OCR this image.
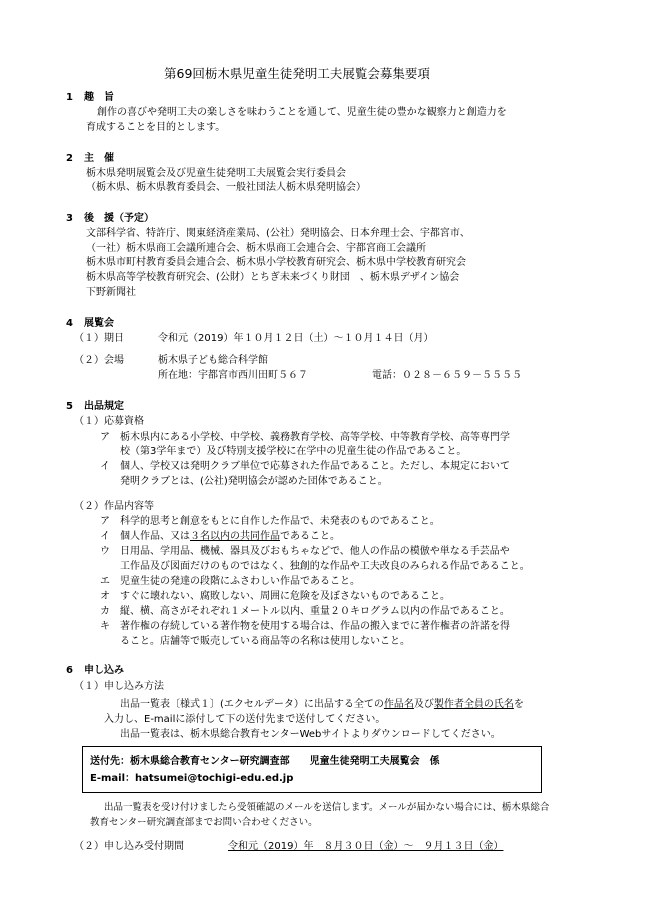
第69回栃木県児童生徒発明工夫展覧会募集要項
1 趣　旨
創作の喜びや発明工夫の楽しさを味わうことを通して、児童生徒の豊かな観察力と創造力を
育成することを目的とします。
2 主　催
栃木県発明展覧会及び児童生徒発明工夫展覧会実行委員会
（栃木県、栃木県教育委員会、一般社団法人栃木県発明協会）
3 後　援（予定）
文部科学省、特許庁、関東経済産業局、(公社）発明協会、日本弁理士会、宇都宮市、
（一社）栃木県商工会議所連合会、栃木県商工会連合会、宇都宮商工会議所
栃木県市町村教育委員会連合会、栃木県小学校教育研究会、栃木県中学校教育研究会
栃木県高等学校教育研究会、(公財）とちぎ未来づくり財団　、栃木県デザイン協会
下野新聞社
4 展覧会
（１）期日	令和元（2019）年１０月１２日（土）～１０月１４日（月）
（２）会場	栃木県子ども総合科学館
所在地：宇都宮市西川田町５６７	電話：０２８－６５９－５５５５
5 出品規定
（１）応募資格
ア 栃木県内にある小学校、中学校、義務教育学校、高等学校、中等教育学校、高等専門学
校（第3学年まで）及び特別支援学校に在学中の児童生徒の作品であること。
イ 個人、学校又は発明クラブ単位で応募された作品であること。ただし、本規定において
発明クラブとは、(公社)発明協会が認めた団体であること。
（２）作品内容等
ア 科学的思考と創意をもとに自作した作品で、未発表のものであること。
イ 個人作品、又は３名以内の共同作品であること。
ウ 日用品、学用品、機械、器具及びおもちゃなどで、他人の作品の模倣や単なる手芸品や
工作品及び図面だけのものではなく、独創的な作品や工夫改良のみられる作品であること。
エ 児童生徒の発達の段階にふさわしい作品であること。
オ すぐに壊れない、腐敗しない、周囲に危険を及ぼさないものであること。
カ 縦、横、高さがそれぞれ１メートル以内、重量２０キログラム以内の作品であること。
キ 著作権の存続している著作物を使用する場合は、作品の搬入までに著作権者の許諾を得
ること。店舗等で販売している商品等の名称は使用しないこと。
6 申し込み
（１）申し込み方法
出品一覧表〔様式１〕(エクセルデータ）に出品する全ての作品名及び製作者全員の氏名を
入力し、E-mailに添付して下の送付先まで送付してください。
出品一覧表は、栃木県総合教育センターWebサイトよりダウンロードしてください。
送付先：栃木県総合教育センター研究調査部　　児童生徒発明工夫展覧会　係
E-mail：hatsumei@tochigi-edu.ed.jp
出品一覧表を受け付けましたら受領確認のメールを送信します。メールが届かない場合には、栃木県総合
教育センター研究調査部までお問い合わせください。
（２）申し込み受付期間	令和元（2019）年　８月３０日（金）～　９月１３日（金）
